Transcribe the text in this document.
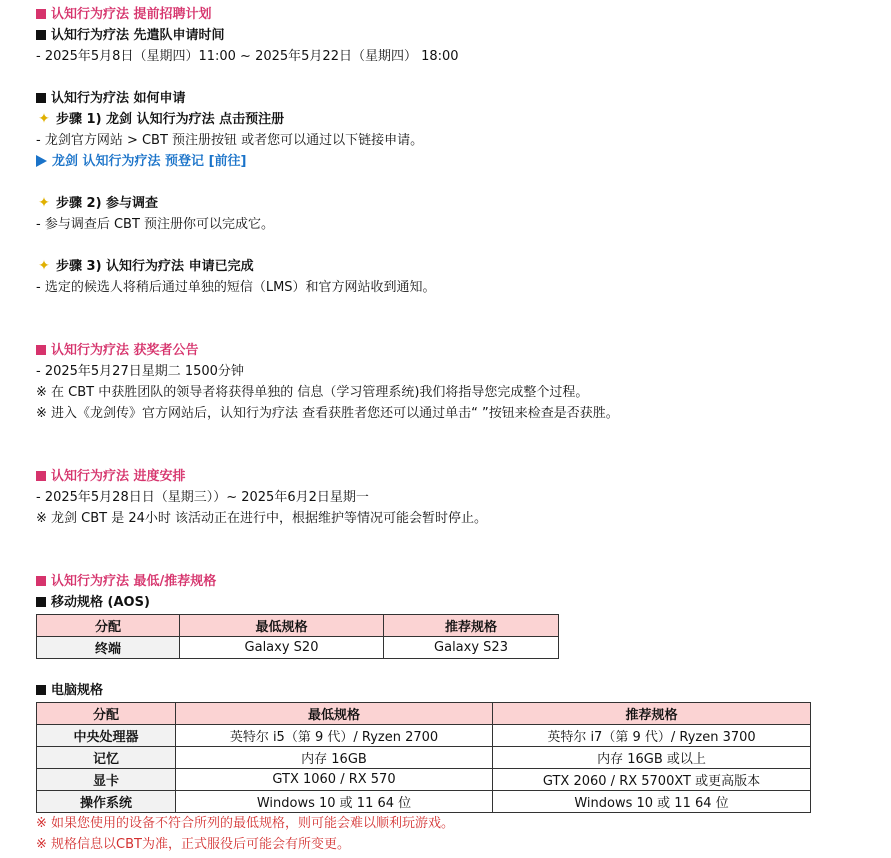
认知行为疗法 提前招聘计划
认知行为疗法 先遣队申请时间
- 2025年5月8日（星期四）11:00 ~ 2025年5月22日（星期四） 18:00
认知行为疗法 如何申请
✦ 步骤 1) 龙剑 认知行为疗法 点击预注册
- 龙剑官方网站 > CBT 预注册按钮 或者您可以通过以下链接申请。
龙剑 认知行为疗法 预登记 [前往]
✦ 步骤 2) 参与调查
- 参与调查后 CBT 预注册你可以完成它。
✦ 步骤 3) 认知行为疗法 申请已完成
- 选定的候选人将稍后通过单独的短信（LMS）和官方网站收到通知。
认知行为疗法 获奖者公告
- 2025年5月27日星期二 1500分钟
※ 在 CBT 中获胜团队的领导者将获得单独的 信息（学习管理系统)我们将指导您完成整个过程。
※ 进入《龙剑传》官方网站后，认知行为疗法 查看获胜者您还可以通过单击“ ”按钮来检查是否获胜。
认知行为疗法 进度安排
- 2025年5月28日日（星期三））~ 2025年6月2日星期一
※ 龙剑 CBT 是 24小时 该活动正在进行中，根据维护等情况可能会暂时停止。
认知行为疗法 最低/推荐规格
移动规格 (AOS)
分配	最低规格	推荐规格
终端	Galaxy S20	Galaxy S23
电脑规格
分配	最低规格	推荐规格
中央处理器	英特尔 i5（第 9 代）/ Ryzen 2700	英特尔 i7（第 9 代）/ Ryzen 3700
记忆	内存 16GB	内存 16GB 或以上
显卡	GTX 1060 / RX 570	GTX 2060 / RX 5700XT 或更高版本
操作系统	Windows 10 或 11 64 位	Windows 10 或 11 64 位
※ 如果您使用的设备不符合所列的最低规格，则可能会难以顺利玩游戏。
※ 规格信息以CBT为准，正式服役后可能会有所变更。
